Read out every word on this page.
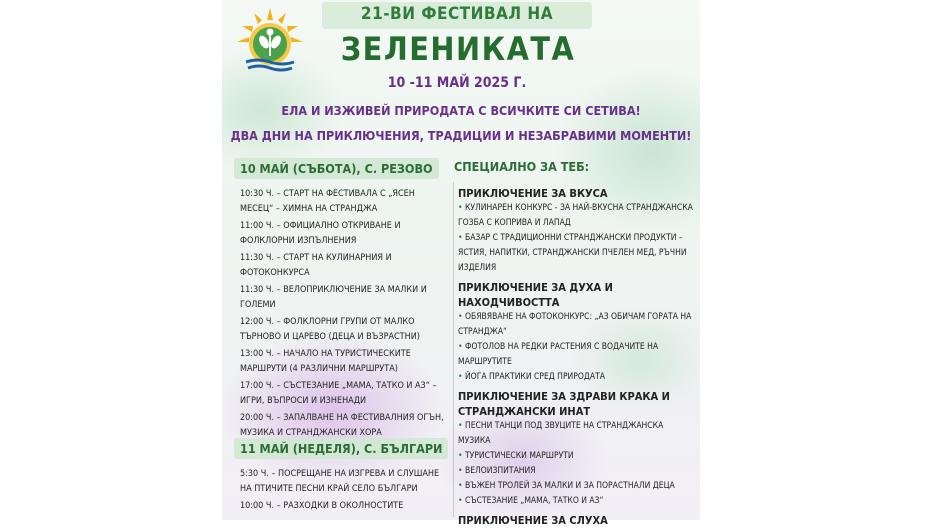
21-ВИ ФЕСТИВАЛ НА
ЗЕЛЕНИКАТА
10 -11 МАЙ 2025 Г.
ЕЛА И ИЗЖИВЕЙ ПРИРОДАТА С ВСИЧКИТЕ СИ СЕТИВА!
ДВА ДНИ НА ПРИКЛЮЧЕНИЯ, ТРАДИЦИИ И НЕЗАБРАВИМИ МОМЕНТИ!
10 МАЙ (СЪБОТА), С. РЕЗОВО
10:30 Ч. – СТАРТ НА ФЕСТИВАЛА С „ЯСЕН МЕСЕЦ“ – ХИМНА НА СТРАНДЖА
11:00 Ч. – ОФИЦИАЛНО ОТКРИВАНЕ И ФОЛКЛОРНИ ИЗПЪЛНЕНИЯ
11:30 Ч. – СТАРТ НА КУЛИНАРНИЯ И ФОТОКОНКУРСА
11:30 Ч. – ВЕЛОПРИКЛЮЧЕНИЕ ЗА МАЛКИ И ГОЛЕМИ
12:00 Ч. – ФОЛКЛОРНИ ГРУПИ ОТ МАЛКО ТЪРНОВО И ЦАРЕВО (ДЕЦА И ВЪЗРАСТНИ)
13:00 Ч. – НАЧАЛО НА ТУРИСТИЧЕСКИТЕ МАРШРУТИ (4 РАЗЛИЧНИ МАРШРУТА)
17:00 Ч. – СЪСТЕЗАНИЕ „МАМА, ТАТКО И АЗ“ – ИГРИ, ВЪПРОСИ И ИЗНЕНАДИ
20:00 Ч. – ЗАПАЛВАНЕ НА ФЕСТИВАЛНИЯ ОГЪН, МУЗИКА И СТРАНДЖАНСКИ ХОРА
11 МАЙ (НЕДЕЛЯ), С. БЪЛГАРИ
5:30 Ч. – ПОСРЕЩАНЕ НА ИЗГРЕВА И СЛУШАНЕ НА ПТИЧИТЕ ПЕСНИ КРАЙ СЕЛО БЪЛГАРИ
10:00 Ч. – РАЗХОДКИ В ОКОЛНОСТИТЕ
СПЕЦИАЛНО ЗА ТЕБ:
ПРИКЛЮЧЕНИЕ ЗА ВКУСА
• КУЛИНАРЕН КОНКУРС - ЗА НАЙ-ВКУСНА СТРАНДЖАНСКА ГОЗБА С КОПРИВА И ЛАПАД
• БАЗАР С ТРАДИЦИОННИ СТРАНДЖАНСКИ ПРОДУКТИ – ЯСТИЯ, НАПИТКИ, СТРАНДЖАНСКИ ПЧЕЛЕН МЕД, РЪЧНИ ИЗДЕЛИЯ
ПРИКЛЮЧЕНИЕ ЗА ДУХА И НАХОДЧИВОСТТА
• ОБЯВЯВАНЕ НА ФОТОКОНКУРС: „АЗ ОБИЧАМ ГОРАТА НА СТРАНДЖА“
• ФОТОЛОВ НА РЕДКИ РАСТЕНИЯ С ВОДАЧИТЕ НА МАРШРУТИТЕ
• ЙОГА ПРАКТИКИ СРЕД ПРИРОДАТА
ПРИКЛЮЧЕНИЕ ЗА ЗДРАВИ КРАКА И СТРАНДЖАНСКИ ИНАТ
• ПЕСНИ ТАНЦИ ПОД ЗВУЦИТЕ НА СТРАНДЖАНСКА МУЗИКА
• ТУРИСТИЧЕСКИ МАРШРУТИ
• ВЕЛОИЗПИТАНИЯ
• ВЪЖЕН ТРОЛЕЙ ЗА МАЛКИ И ЗА ПОРАСТНАЛИ ДЕЦА
• СЪСТЕЗАНИЕ „МАМА, ТАТКО И АЗ“
ПРИКЛЮЧЕНИЕ ЗА СЛУХА
